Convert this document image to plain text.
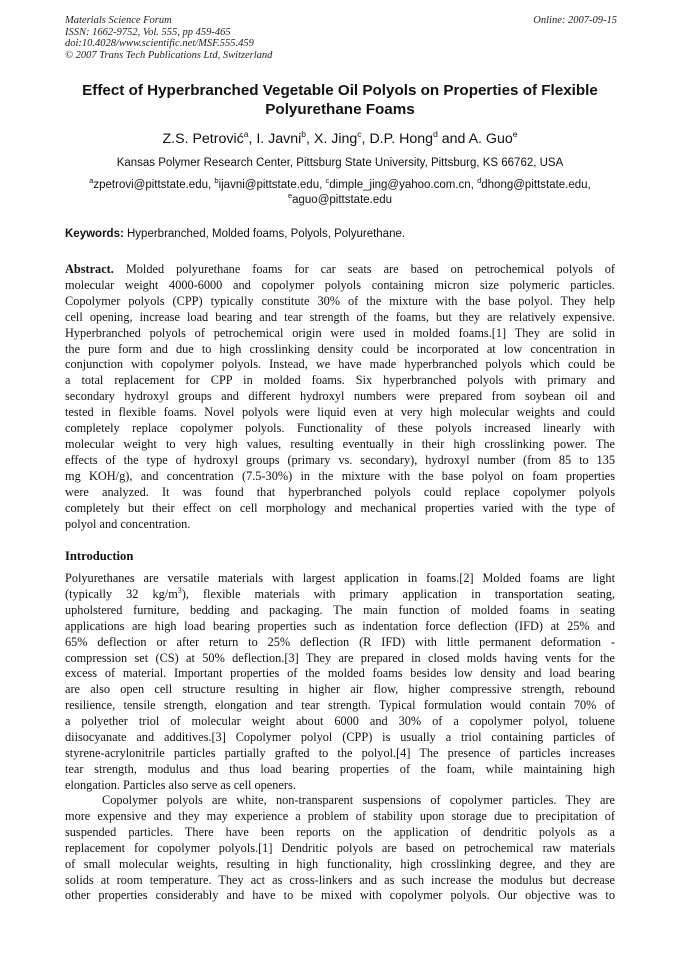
Materials Science Forum
ISSN: 1662-9752, Vol. 555, pp 459-465
doi:10.4028/www.scientific.net/MSF.555.459
© 2007 Trans Tech Publications Ltd, Switzerland
Online: 2007-09-15
Effect of Hyperbranched Vegetable Oil Polyols on Properties of Flexible
Polyurethane Foams
Z.S. Petrović$^a$, I. Javni$^b$, X. Jing$^c$, D.P. Hong$^d$ and A. Guo$^e$
Kansas Polymer Research Center, Pittsburg State University, Pittsburg, KS 66762, USA
$^a$zpetrovi@pittstate.edu, $^b$ijavni@pittstate.edu, $^c$dimple_jing@yahoo.com.cn, $^d$dhong@pittstate.edu,
$^e$aguo@pittstate.edu
Keywords: Hyperbranched, Molded foams, Polyols, Polyurethane.
Abstract. Molded polyurethane foams for car seats are based on petrochemical polyols of
molecular weight 4000-6000 and copolymer polyols containing micron size polymeric particles.
Copolymer polyols (CPP) typically constitute 30% of the mixture with the base polyol. They help
cell opening, increase load bearing and tear strength of the foams, but they are relatively expensive.
Hyperbranched polyols of petrochemical origin were used in molded foams.[1] They are solid in
the pure form and due to high crosslinking density could be incorporated at low concentration in
conjunction with copolymer polyols. Instead, we have made hyperbranched polyols which could be
a total replacement for CPP in molded foams. Six hyperbranched polyols with primary and
secondary hydroxyl groups and different hydroxyl numbers were prepared from soybean oil and
tested in flexible foams. Novel polyols were liquid even at very high molecular weights and could
completely replace copolymer polyols. Functionality of these polyols increased linearly with
molecular weight to very high values, resulting eventually in their high crosslinking power. The
effects of the type of hydroxyl groups (primary vs. secondary), hydroxyl number (from 85 to 135
mg KOH/g), and concentration (7.5-30%) in the mixture with the base polyol on foam properties
were analyzed. It was found that hyperbranched polyols could replace copolymer polyols
completely but their effect on cell morphology and mechanical properties varied with the type of
polyol and concentration.
Introduction
Polyurethanes are versatile materials with largest application in foams.[2] Molded foams are light
(typically 32 $kg/m^3$), flexible materials with primary application in transportation seating,
upholstered furniture, bedding and packaging. The main function of molded foams in seating
applications are high load bearing properties such as indentation force deflection (IFD) at 25% and
65% deflection or after return to 25% deflection (R IFD) with little permanent deformation -
compression set (CS) at 50% deflection.[3] They are prepared in closed molds having vents for the
excess of material. Important properties of the molded foams besides low density and load bearing
are also open cell structure resulting in higher air flow, higher compressive strength, rebound
resilience, tensile strength, elongation and tear strength. Typical formulation would contain 70% of
a polyether triol of molecular weight about 6000 and 30% of a copolymer polyol, toluene
diisocyanate and additives.[3] Copolymer polyol (CPP) is usually a triol containing particles of
styrene-acrylonitrile particles partially grafted to the polyol.[4] The presence of particles increases
tear strength, modulus and thus load bearing properties of the foam, while maintaining high
elongation. Particles also serve as cell openers.
Copolymer polyols are white, non-transparent suspensions of copolymer particles. They are
more expensive and they may experience a problem of stability upon storage due to precipitation of
suspended particles. There have been reports on the application of dendritic polyols as a
replacement for copolymer polyols.[1] Dendritic polyols are based on petrochemical raw materials
of small molecular weights, resulting in high functionality, high crosslinking degree, and they are
solids at room temperature. They act as cross-linkers and as such increase the modulus but decrease
other properties considerably and have to be mixed with copolymer polyols. Our objective was to
